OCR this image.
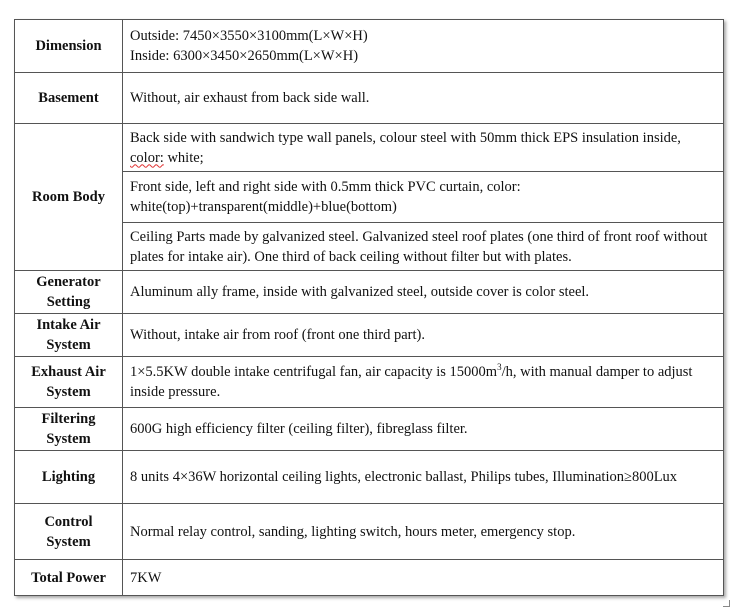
Dimension	Outside: 7450×3550×3100mm(L×W×H)
Inside: 6300×3450×2650mm(L×W×H)

Basement	Without, air exhaust from back side wall.
Room Body	Back side with sandwich type wall panels, colour steel with 50mm thick EPS insulation inside, color: white;
	Front side, left and right side with 0.5mm thick PVC curtain, color: white(top)+transparent(middle)+blue(bottom)
	Ceiling Parts made by galvanized steel. Galvanized steel roof plates (one third of front roof without plates for intake air). One third of back ceiling without filter but with plates.

Generator
Setting	Aluminum ally frame, inside with galvanized steel, outside cover is color steel.

Intake Air
System	Without, intake air from roof (front one third part).

Exhaust Air
System	1×5.5KW double intake centrifugal fan, air capacity is $15000m^3/h$, with manual damper to adjust inside pressure.

Filtering
System	600G high efficiency filter (ceiling filter), fibreglass filter.
Lighting	8 units 4×36W horizontal ceiling lights, electronic ballast, Philips tubes, Illumination≥800Lux

Control
System	Normal relay control, sanding, lighting switch, hours meter, emergency stop.
Total Power	7KW
